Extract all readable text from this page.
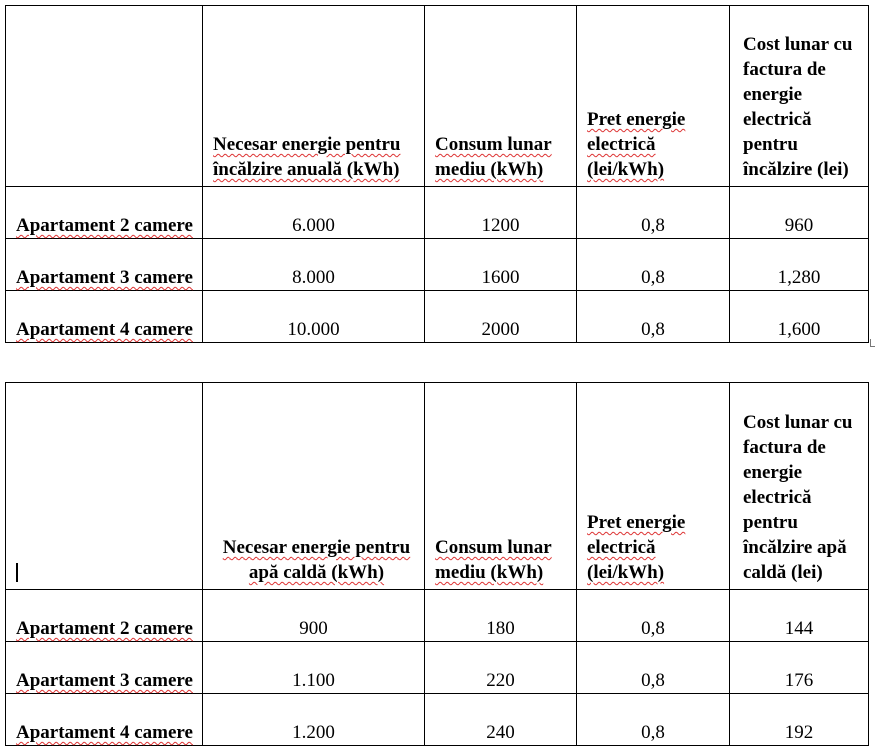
	Necesar energie pentru încălzire anuală (kWh)	Consum lunar mediu (kWh)	Pret energie electrică (lei/kWh)	Cost lunar cu factura de energie electrică pentru încălzire (lei)
Apartament 2 camere	6.000	1200	0,8	960
Apartament 3 camere	8.000	1600	0,8	1,280
Apartament 4 camere	10.000	2000	0,8	1,600
	Necesar energie pentru apă caldă (kWh)	Consum lunar mediu (kWh)	Pret energie electrică (lei/kWh)	Cost lunar cu factura de energie electrică pentru încălzire apă caldă (lei)
Apartament 2 camere	900	180	0,8	144
Apartament 3 camere	1.100	220	0,8	176
Apartament 4 camere	1.200	240	0,8	192
